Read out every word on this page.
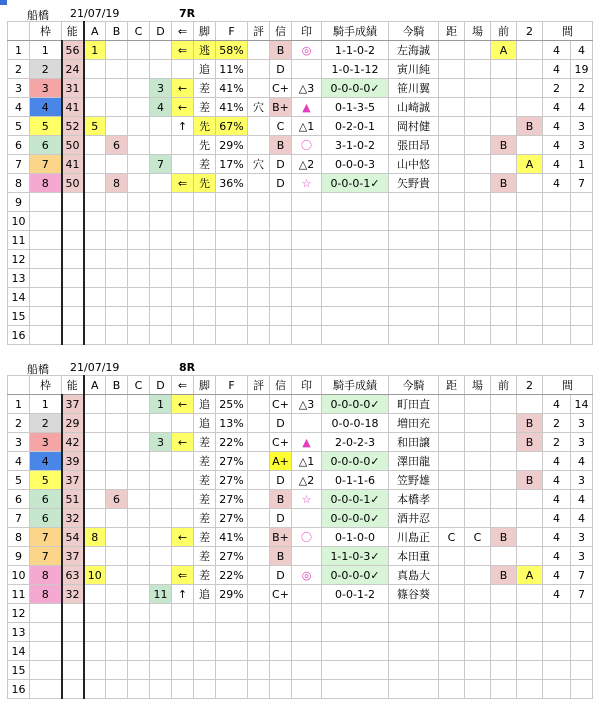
船橋 21/07/19	7R
	枠	能	A	B	C	D	⇐	脚	F	評	信	印	騎手成績	今騎	距	場	前	2	間	
1	1	56	1				⇐	逃	58%		B	◎	1-1-0-2	左海誠			A		4	4
2	2	24						追	11%		D		1-0-1-12	寅川純					4	19
3	3	31				3	←	差	41%		C+	△3	0-0-0-0✓	笹川翼					2	2
4	4	41				4	←	差	41%	穴	B+	▲	0-1-3-5	山崎誠					4	4
5	5	52	5				↑	先	67%		C	△1	0-2-0-1	岡村健				B	4	3
6	6	50		6				先	29%		B	〇	3-1-0-2	張田昂			B		4	3
7	7	41				7		差	17%	穴	D	△2	0-0-0-3	山中悠				A	4	1
8	8	50		8			⇐	先	36%		D	☆	0-0-0-1✓	矢野貴			B		4	7
9																				
10																				
11																				
12																				
13																				
14																				
15																				
16																				
船橋 21/07/19	8R
	枠	能	A	B	C	D	⇐	脚	F	評	信	印	騎手成績	今騎	距	場	前	2	間	
1	1	37				1	←	追	25%		C+	△3	0-0-0-0✓	町田直					4	14
2	2	29						追	13%		D		0-0-0-18	増田充				B	2	3
3	3	42				3	←	差	22%		C+	▲	2-0-2-3	和田譲				B	2	3
4	4	39						差	27%		A+	△1	0-0-0-0✓	澤田龍					4	4
5	5	37						差	27%		D	△2	0-1-1-6	笠野雄				B	4	3
6	6	51		6				差	27%		B	☆	0-0-0-1✓	本橋孝					4	4
7	6	32						差	27%		D		0-0-0-0✓	酒井忍					4	4
8	7	54	8				←	差	41%		B+	〇	0-1-0-0	川島正	C	C	B		4	3
9	7	37						差	27%		B		1-1-0-3✓	本田重					4	3
10	8	63	10				⇐	差	22%		D	◎	0-0-0-0✓	真島大			B	A	4	7
11	8	32				11	↑	追	29%		C+		0-0-1-2	篠谷葵					4	7
12																				
13																				
14																				
15																				
16																				
